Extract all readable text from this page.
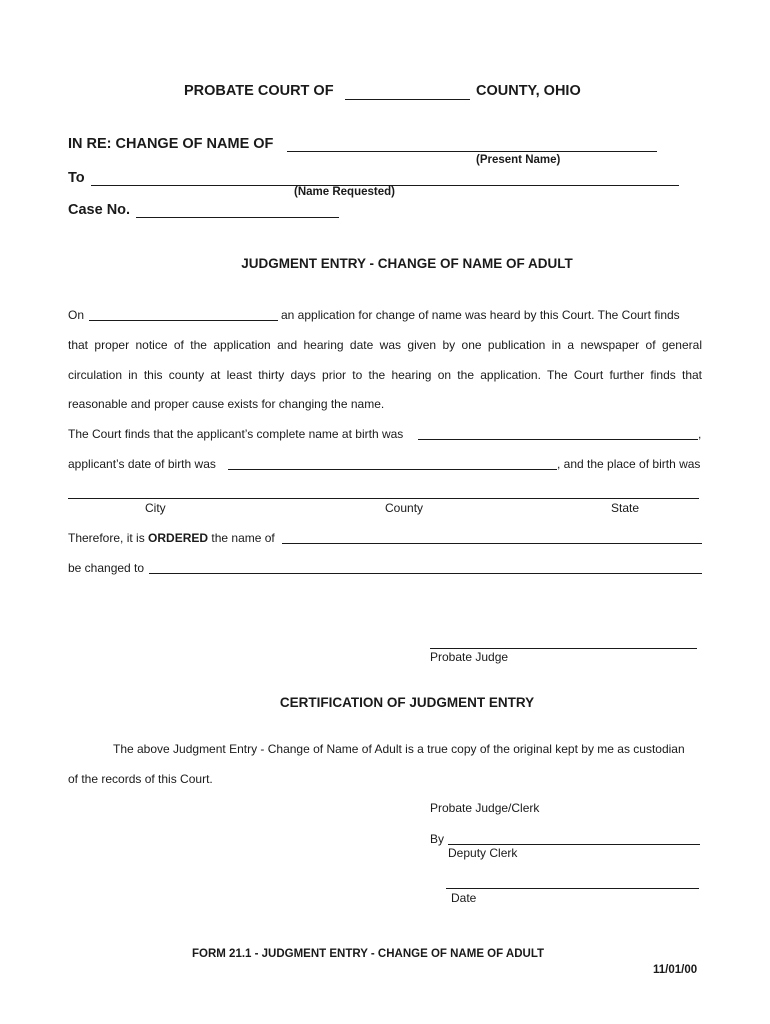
PROBATE COURT OF	COUNTY, OHIO
IN RE: CHANGE OF NAME OF
(Present Name)
To
(Name Requested)
Case No.
JUDGMENT ENTRY - CHANGE OF NAME OF ADULT
On	an application for change of name was heard by this Court. The Court finds
that proper notice of the application and hearing date was given by one publication in a newspaper of general
circulation in this county at least thirty days prior to the hearing on the application. The Court further finds that
reasonable and proper cause exists for changing the name.
The Court finds that the applicant’s complete name at birth was	,
applicant’s date of birth was	, and the place of birth was
City	County	State
Therefore, it is ORDERED the name of
be changed to
Probate Judge
CERTIFICATION OF JUDGMENT ENTRY
The above Judgment Entry - Change of Name of Adult is a true copy of the original kept by me as custodian
of the records of this Court.
Probate Judge/Clerk
By
Deputy Clerk
Date
FORM 21.1 - JUDGMENT ENTRY - CHANGE OF NAME OF ADULT
11/01/00
